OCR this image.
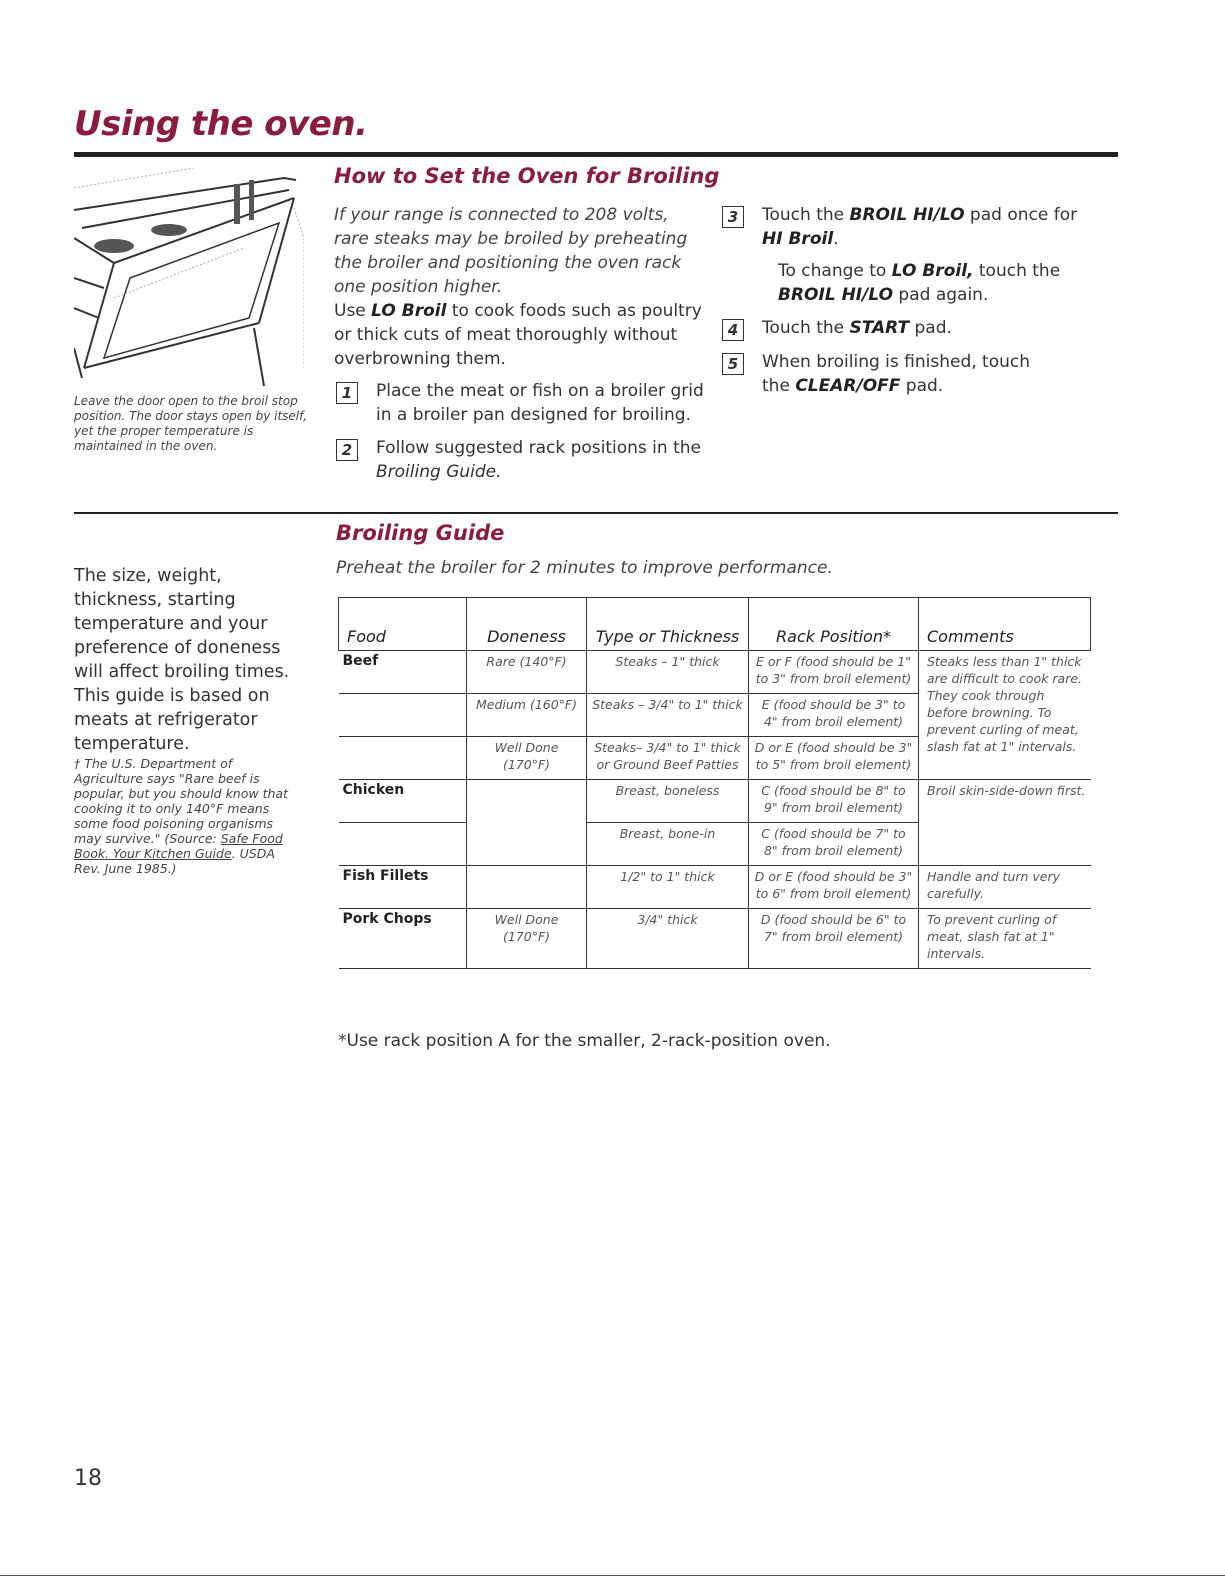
Using the oven.
Leave the door open to the broil stop position. The door stays open by itself, yet the proper temperature is maintained in the oven.
How to Set the Oven for Broiling
If your range is connected to 208 volts, rare steaks may be broiled by preheating the broiler and positioning the oven rack one position higher.
Use LO Broil to cook foods such as poultry or thick cuts of meat thoroughly without overbrowning them.
1	Place the meat or fish on a broiler grid in a broiler pan designed for broiling.
2	Follow suggested rack positions in the Broiling Guide.
3	Touch the BROIL HI/LO pad once for HI Broil.
To change to LO Broil, touch the BROIL HI/LO pad again.
4	Touch the START pad.
5	When broiling is finished, touch the CLEAR/OFF pad.
Broiling Guide
Preheat the broiler for 2 minutes to improve performance.
The size, weight, thickness, starting temperature and your preference of doneness will affect broiling times. This guide is based on meats at refrigerator temperature.
† The U.S. Department of Agriculture says "Rare beef is popular, but you should know that cooking it to only 140°F means some food poisoning organisms may survive." (Source: Safe Food Book. Your Kitchen Guide. USDA Rev. June 1985.)
Food	Doneness	Type or Thickness	Rack Position*	Comments
Beef	Rare (140°F)	Steaks – 1" thick	E or F (food should be 1" to 3" from broil element)	Steaks less than 1" thick are difficult to cook rare. They cook through before browning. To prevent curling of meat, slash fat at 1" intervals.
	Medium (160°F)	Steaks – 3/4" to 1" thick	E (food should be 3" to 4" from broil element)	
	Well Done (170°F)	Steaks– 3/4" to 1" thick or Ground Beef Patties	D or E (food should be 3" to 5" from broil element)	
Chicken		Breast, boneless	C (food should be 8" to 9" from broil element)	Broil skin-side-down first.
		Breast, bone-in	C (food should be 7" to 8" from broil element)	
Fish Fillets		1/2" to 1" thick	D or E (food should be 3" to 6" from broil element)	Handle and turn very carefully.
Pork Chops	Well Done (170°F)	3/4" thick	D (food should be 6" to 7" from broil element)	To prevent curling of meat, slash fat at 1" intervals.
*Use rack position A for the smaller, 2-rack-position oven.
18
